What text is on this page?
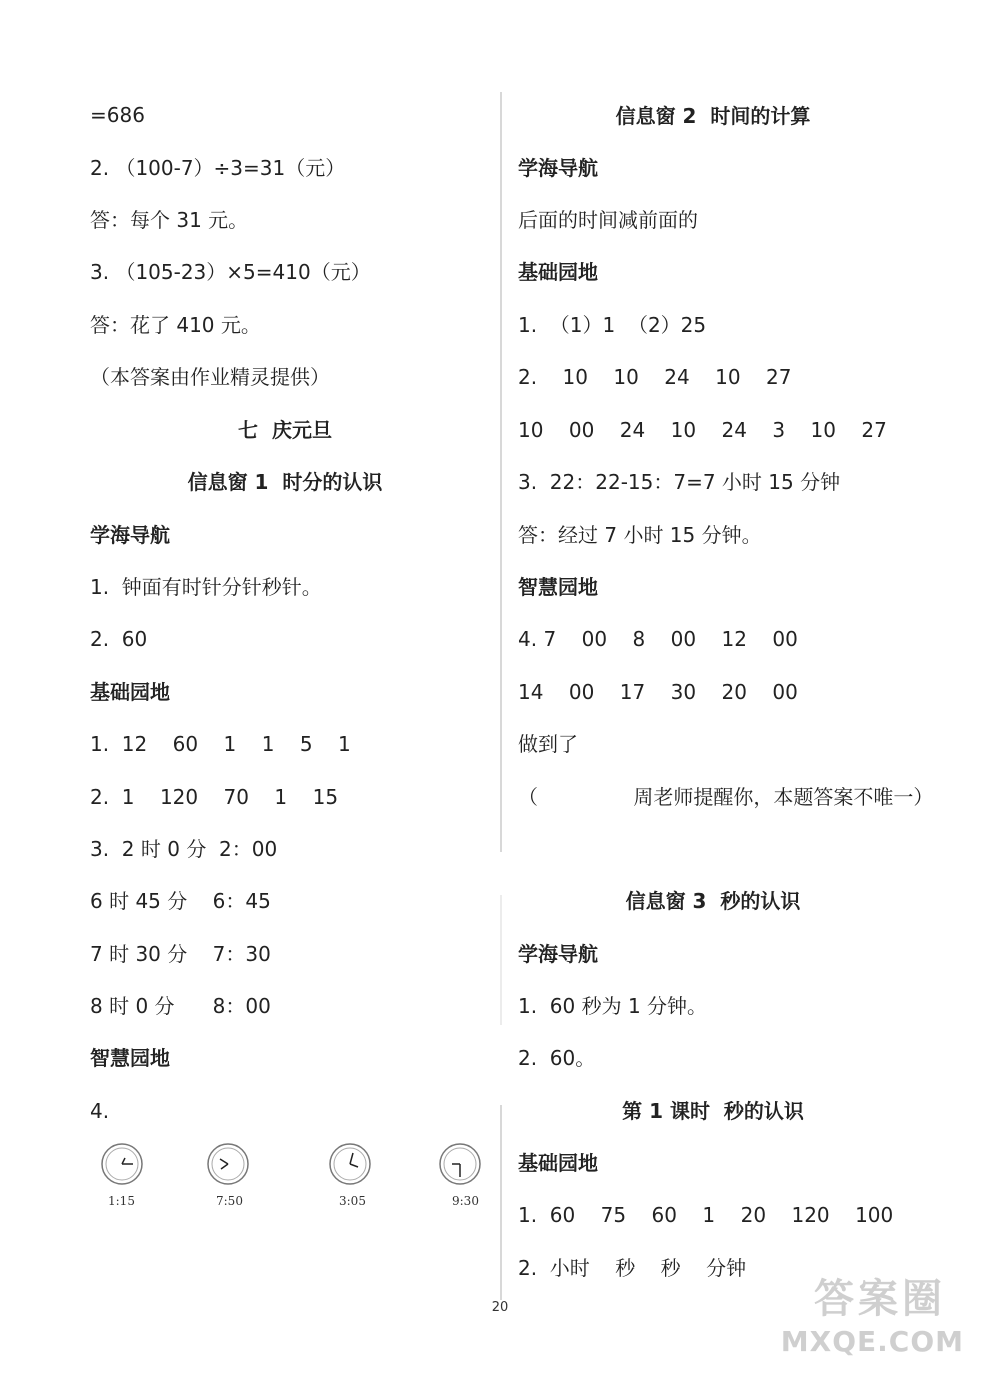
=686
2. （100-7）÷3=31（元）
答：每个 31 元。
3. （105-23）×5=410（元）
答：花了 410 元。
（本答案由作业精灵提供）
七  庆元旦
信息窗 1  时分的认识
学海导航
1.  钟面有时针分针秒针。
2.  60
基础园地
1.  12    60    1    1    5    1
2.  1    120    70    1    15
3.  2 时 0 分  2：00
6 时 45 分    6：45
7 时 30 分    7：30
8 时 0 分      8：00
智慧园地
4.
1:15	7:50	3:05	9:30
信息窗 2  时间的计算
学海导航
后面的时间减前面的
基础园地
1.  （1）1  （2）25
2.    10    10    24    10    27
10    00    24    10    24    3    10    27
3.  22：22-15：7=7 小时 15 分钟
答：经过 7 小时 15 分钟。
智慧园地
4. 7    00    8    00    12    00
14    00    17    30    20    00
做到了
（               周老师提醒你，本题答案不唯一）
信息窗 3  秒的认识
学海导航
1.  60 秒为 1 分钟。
2.  60。
第 1 课时  秒的认识
基础园地
1.  60    75    60    1    20    120    100
2.  小时    秒    秒    分钟
20	答案圈
MXQE.COM
